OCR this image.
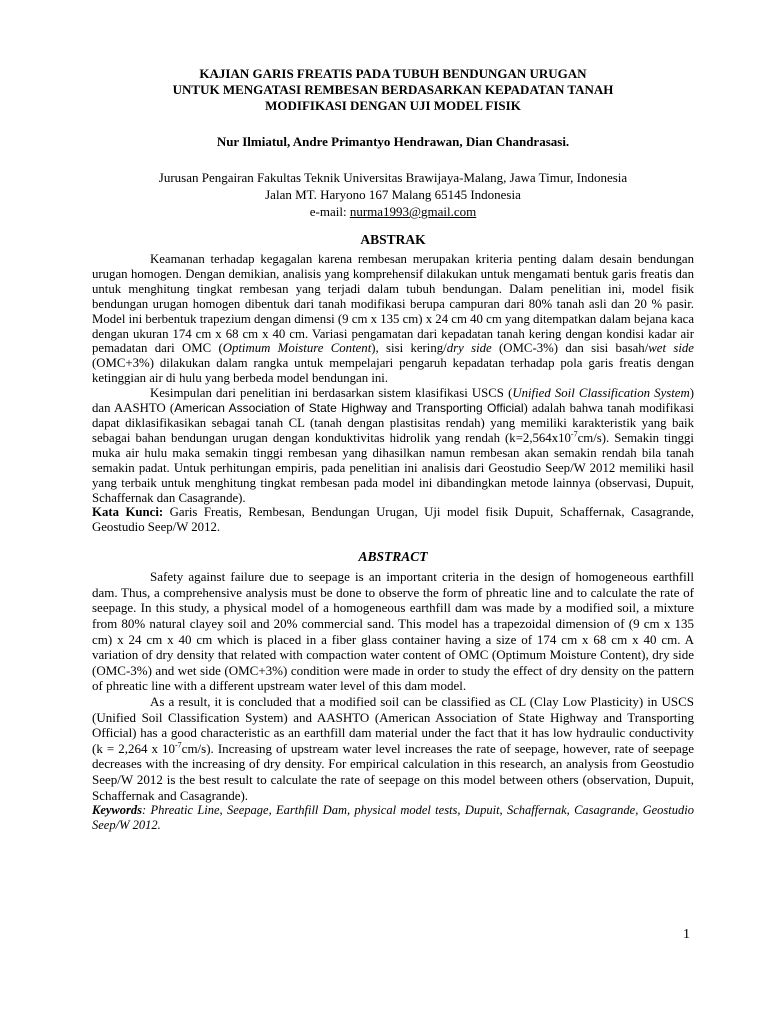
KAJIAN GARIS FREATIS PADA TUBUH BENDUNGAN URUGAN

UNTUK MENGATASI REMBESAN BERDASARKAN KEPADATAN TANAH

MODIFIKASI DENGAN UJI MODEL FISIK

Nur Ilmiatul, Andre Primantyo Hendrawan, Dian Chandrasasi.
Jurusan Pengairan Fakultas Teknik Universitas Brawijaya-Malang, Jawa Timur, Indonesia
Jalan MT. Haryono 167 Malang 65145 Indonesia
e-mail: nurma1993@gmail.com
ABSTRAK

Keamanan terhadap kegagalan karena rembesan merupakan kriteria penting dalam desain bendungan urugan homogen. Dengan demikian, analisis yang komprehensif dilakukan untuk mengamati bentuk garis freatis dan untuk menghitung tingkat rembesan yang terjadi dalam tubuh bendungan. Dalam penelitian ini, model fisik bendungan urugan homogen dibentuk dari tanah modifikasi berupa campuran dari 80% tanah asli dan 20 % pasir. Model ini berbentuk trapezium dengan dimensi (9 cm x 135 cm) x 24 cm 40 cm yang ditempatkan dalam bejana kaca dengan ukuran 174 cm x 68 cm x 40 cm. Variasi pengamatan dari kepadatan tanah kering dengan kondisi kadar air pemadatan dari OMC (Optimum Moisture Content), sisi kering/dry side (OMC-3%) dan sisi basah/wet side (OMC+3%) dilakukan dalam rangka untuk mempelajari pengaruh kepadatan terhadap pola garis freatis dengan ketinggian air di hulu yang berbeda model bendungan ini.

Kesimpulan dari penelitian ini berdasarkan sistem klasifikasi USCS (Unified Soil Classification System) dan AASHTO (American Association of State Highway and Transporting Official) adalah bahwa tanah modifikasi dapat diklasifikasikan sebagai tanah CL (tanah dengan plastisitas rendah) yang memiliki karakteristik yang baik sebagai bahan bendungan urugan dengan konduktivitas hidrolik yang rendah $(k=2,564x10^{-7}cm/s)$. Semakin tinggi muka air hulu maka semakin tinggi rembesan yang dihasilkan namun rembesan akan semakin rendah bila tanah semakin padat. Untuk perhitungan empiris, pada penelitian ini analisis dari Geostudio Seep/W 2012 memiliki hasil yang terbaik untuk menghitung tingkat rembesan pada model ini dibandingkan metode lainnya (observasi, Dupuit, Schaffernak dan Casagrande).

Kata Kunci: Garis Freatis, Rembesan, Bendungan Urugan, Uji model fisik Dupuit, Schaffernak, Casagrande, Geostudio Seep/W 2012.

ABSTRACT

Safety against failure due to seepage is an important criteria in the design of homogeneous earthfill dam. Thus, a comprehensive analysis must be done to observe the form of phreatic line and to calculate the rate of seepage. In this study, a physical model of a homogeneous earthfill dam was made by a modified soil, a mixture from 80% natural clayey soil and 20% commercial sand. This model has a trapezoidal dimension of (9 cm x 135 cm) x 24 cm x 40 cm which is placed in a fiber glass container having a size of 174 cm x 68 cm x 40 cm. A variation of dry density that related with compaction water content of OMC (Optimum Moisture Content), dry side (OMC-3%) and wet side (OMC+3%) condition were made in order to study the effect of dry density on the pattern of phreatic line with a different upstream water level of this dam model.

As a result, it is concluded that a modified soil can be classified as CL (Clay Low Plasticity) in USCS (Unified Soil Classification System) and AASHTO (American Association of State Highway and Transporting Official) has a good characteristic as an earthfill dam material under the fact that it has low hydraulic conductivity (k = 2,264 x $10^{-7}cm/s$). Increasing of upstream water level increases the rate of seepage, however, rate of seepage decreases with the increasing of dry density. For empirical calculation in this research, an analysis from Geostudio Seep/W 2012 is the best result to calculate the rate of seepage on this model between others (observation, Dupuit, Schaffernak and Casagrande).

Keywords: Phreatic Line, Seepage, Earthfill Dam, physical model tests, Dupuit, Schaffernak, Casagrande, Geostudio Seep/W 2012.

1
